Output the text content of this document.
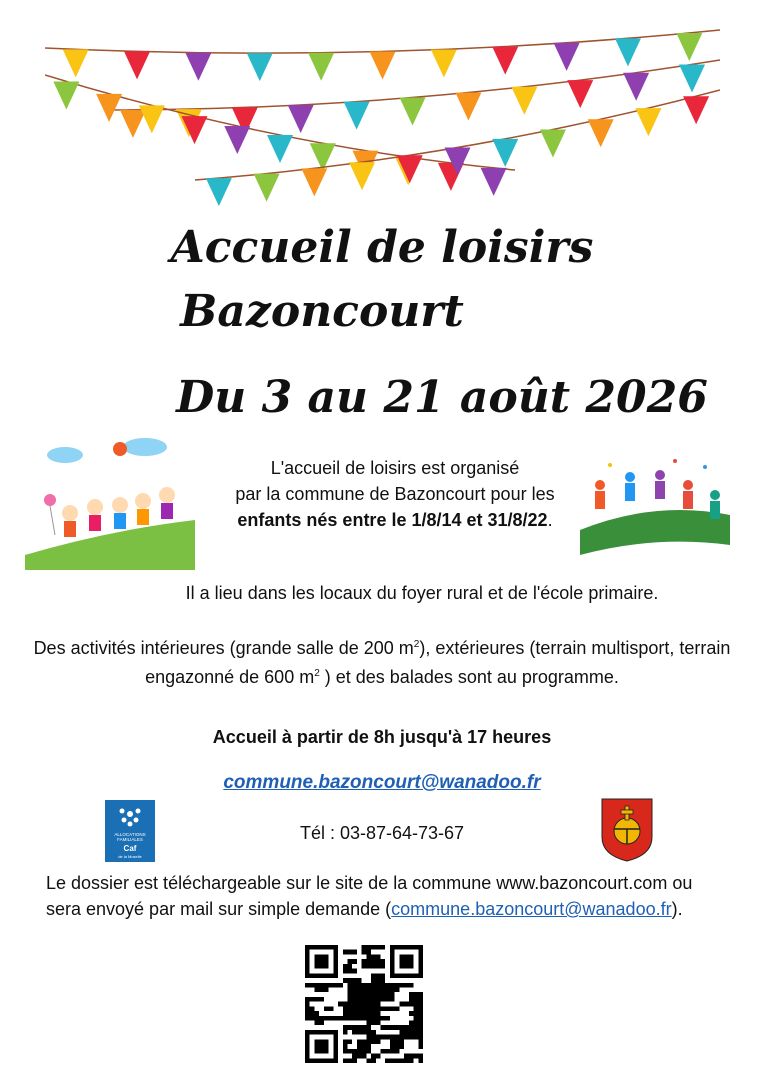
Accueil de loisirs
Bazoncourt
Du 3 au 21 août 2026
L'accueil de loisirs est organisé
par la commune de Bazoncourt pour les
enfants nés entre le 1/8/14 et 31/8/22.
Il a lieu dans les locaux du foyer rural et de l'école primaire.
Des activités intérieures (grande salle de 200 $m^2$), extérieures (terrain multisport, terrain engazonné de 600 $m^2$ ) et des balades sont au programme.
Accueil à partir de 8h jusqu'à 17 heures
commune.bazoncourt@wanadoo.fr
ALLOCATIONS
FAMILIALES
Caf
de la Moselle
Tél : 03-87-64-73-67
Le dossier est téléchargeable sur le site de la commune www.bazoncourt.com ou sera envoyé par mail sur simple demande (commune.bazoncourt@wanadoo.fr).
